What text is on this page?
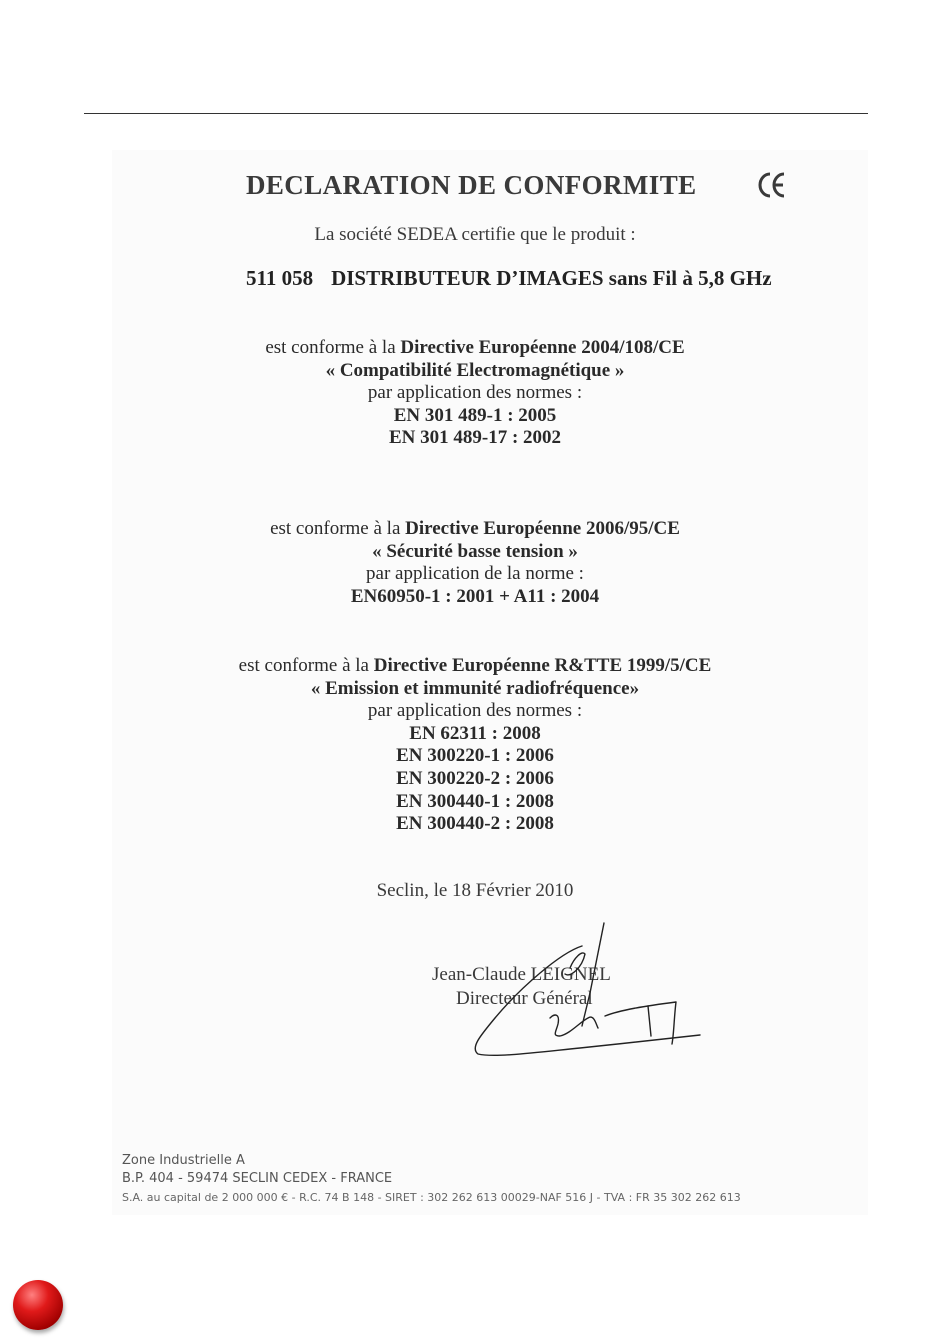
DECLARATION DE CONFORMITE
La société SEDEA certifie que le produit :
511 058 DISTRIBUTEUR D’IMAGES sans Fil à 5,8 GHz
est conforme à la Directive Européenne 2004/108/CE
« Compatibilité Electromagnétique »
par application des normes :
EN 301 489-1 : 2005
EN 301 489-17 : 2002
est conforme à la Directive Européenne 2006/95/CE
« Sécurité basse tension »
par application de la norme :
EN60950-1 : 2001 + A11 : 2004
est conforme à la Directive Européenne R&TTE 1999/5/CE
« Emission et immunité radiofréquence»
par application des normes :
EN 62311 : 2008
EN 300220-1 : 2006
EN 300220-2 : 2006
EN 300440-1 : 2008
EN 300440-2 : 2008
Seclin, le 18 Février 2010
Jean-Claude LEIGNEL
Directeur Général
Zone Industrielle A
B.P. 404 - 59474 SECLIN CEDEX - FRANCE
S.A. au capital de 2 000 000 € - R.C. 74 B 148 - SIRET : 302 262 613 00029-NAF 516 J - TVA : FR 35 302 262 613
